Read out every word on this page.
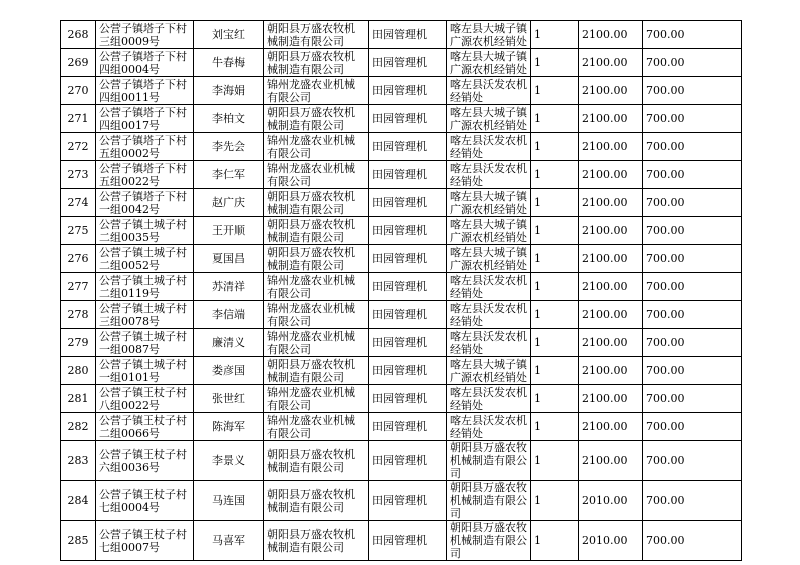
268	公营子镇塔子下村三组0009号	刘宝红	朝阳县万盛农牧机械制造有限公司	田园管理机	喀左县大城子镇广源农机经销处	1	2100.00	700.00
269	公营子镇塔子下村四组0004号	牛春梅	朝阳县万盛农牧机械制造有限公司	田园管理机	喀左县大城子镇广源农机经销处	1	2100.00	700.00
270	公营子镇塔子下村四组0011号	李海娟	锦州龙盛农业机械有限公司	田园管理机	喀左县沃发农机经销处	1	2100.00	700.00
271	公营子镇塔子下村四组0017号	李柏文	朝阳县万盛农牧机械制造有限公司	田园管理机	喀左县大城子镇广源农机经销处	1	2100.00	700.00
272	公营子镇塔子下村五组0002号	李先会	锦州龙盛农业机械有限公司	田园管理机	喀左县沃发农机经销处	1	2100.00	700.00
273	公营子镇塔子下村五组0022号	李仁军	锦州龙盛农业机械有限公司	田园管理机	喀左县沃发农机经销处	1	2100.00	700.00
274	公营子镇塔子下村一组0042号	赵广庆	朝阳县万盛农牧机械制造有限公司	田园管理机	喀左县大城子镇广源农机经销处	1	2100.00	700.00
275	公营子镇土城子村二组0035号	王开顺	朝阳县万盛农牧机械制造有限公司	田园管理机	喀左县大城子镇广源农机经销处	1	2100.00	700.00
276	公营子镇土城子村二组0052号	夏国昌	朝阳县万盛农牧机械制造有限公司	田园管理机	喀左县大城子镇广源农机经销处	1	2100.00	700.00
277	公营子镇土城子村二组0119号	苏清祥	锦州龙盛农业机械有限公司	田园管理机	喀左县沃发农机经销处	1	2100.00	700.00
278	公营子镇土城子村三组0078号	李信端	锦州龙盛农业机械有限公司	田园管理机	喀左县沃发农机经销处	1	2100.00	700.00
279	公营子镇土城子村一组0087号	廉清义	锦州龙盛农业机械有限公司	田园管理机	喀左县沃发农机经销处	1	2100.00	700.00
280	公营子镇土城子村一组0101号	娄彦国	朝阳县万盛农牧机械制造有限公司	田园管理机	喀左县大城子镇广源农机经销处	1	2100.00	700.00
281	公营子镇王杖子村八组0022号	张世红	锦州龙盛农业机械有限公司	田园管理机	喀左县沃发农机经销处	1	2100.00	700.00
282	公营子镇王杖子村二组0066号	陈海军	锦州龙盛农业机械有限公司	田园管理机	喀左县沃发农机经销处	1	2100.00	700.00
283	公营子镇王杖子村六组0036号	李景义	朝阳县万盛农牧机械制造有限公司	田园管理机	朝阳县万盛农牧机械制造有限公司	1	2100.00	700.00
284	公营子镇王杖子村七组0004号	马连国	朝阳县万盛农牧机械制造有限公司	田园管理机	朝阳县万盛农牧机械制造有限公司	1	2010.00	700.00
285	公营子镇王杖子村七组0007号	马喜军	朝阳县万盛农牧机械制造有限公司	田园管理机	朝阳县万盛农牧机械制造有限公司	1	2010.00	700.00
